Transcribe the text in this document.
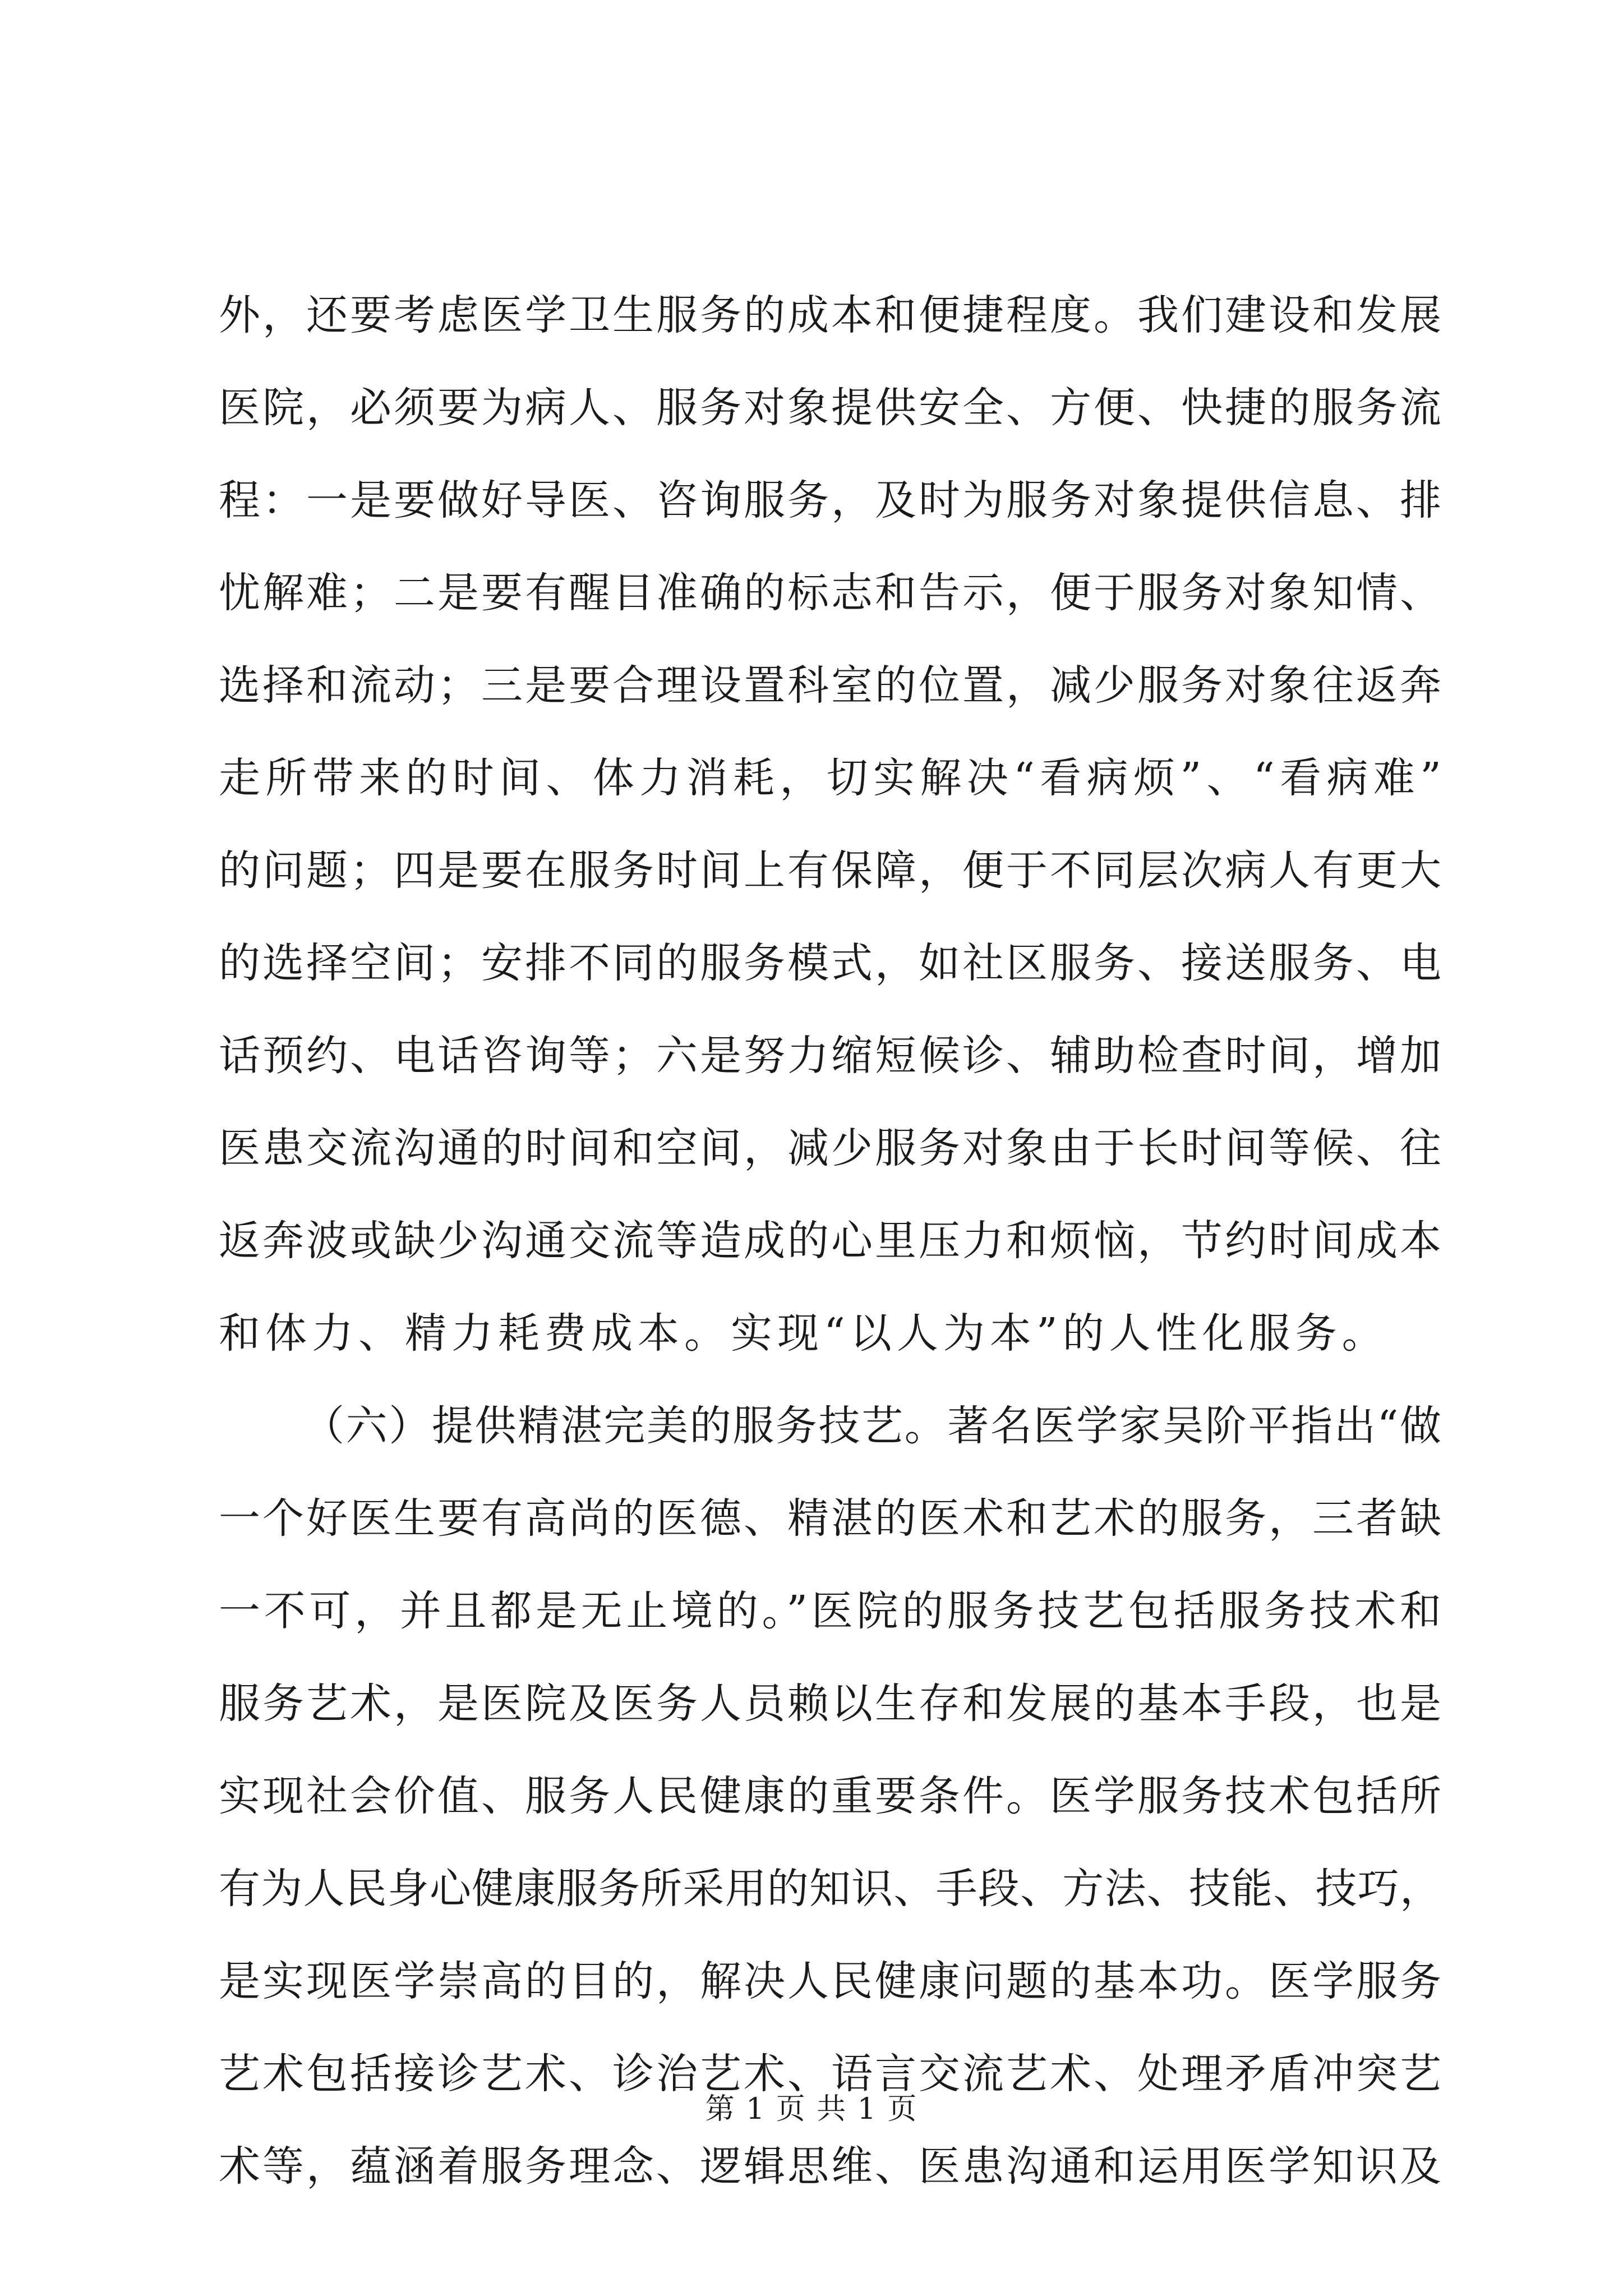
外，还要考虑医学卫生服务的成本和便捷程度。我们建设和发展
医院，必须要为病人、服务对象提供安全、方便、快捷的服务流
程：一是要做好导医、咨询服务，及时为服务对象提供信息、排
忧解难；二是要有醒目准确的标志和告示，便于服务对象知情、
选择和流动；三是要合理设置科室的位置，减少服务对象往返奔
走所带来的时间、体力消耗，切实解决“看病烦”、“看病难”
的问题；四是要在服务时间上有保障，便于不同层次病人有更大
的选择空间；安排不同的服务模式，如社区服务、接送服务、电
话预约、电话咨询等；六是努力缩短候诊、辅助检查时间，增加
医患交流沟通的时间和空间，减少服务对象由于长时间等候、往
返奔波或缺少沟通交流等造成的心里压力和烦恼，节约时间成本
和体力、精力耗费成本。实现“以人为本”的人性化服务。
（六）提供精湛完美的服务技艺。著名医学家吴阶平指出“做
一个好医生要有高尚的医德、精湛的医术和艺术的服务，三者缺
一不可，并且都是无止境的。”医院的服务技艺包括服务技术和
服务艺术，是医院及医务人员赖以生存和发展的基本手段，也是
实现社会价值、服务人民健康的重要条件。医学服务技术包括所
有为人民身心健康服务所采用的知识、手段、方法、技能、技巧，
是实现医学崇高的目的，解决人民健康问题的基本功。医学服务
艺术包括接诊艺术、诊治艺术、语言交流艺术、处理矛盾冲突艺
术等，蕴涵着服务理念、逻辑思维、医患沟通和运用医学知识及
第 1 页 共 1 页
